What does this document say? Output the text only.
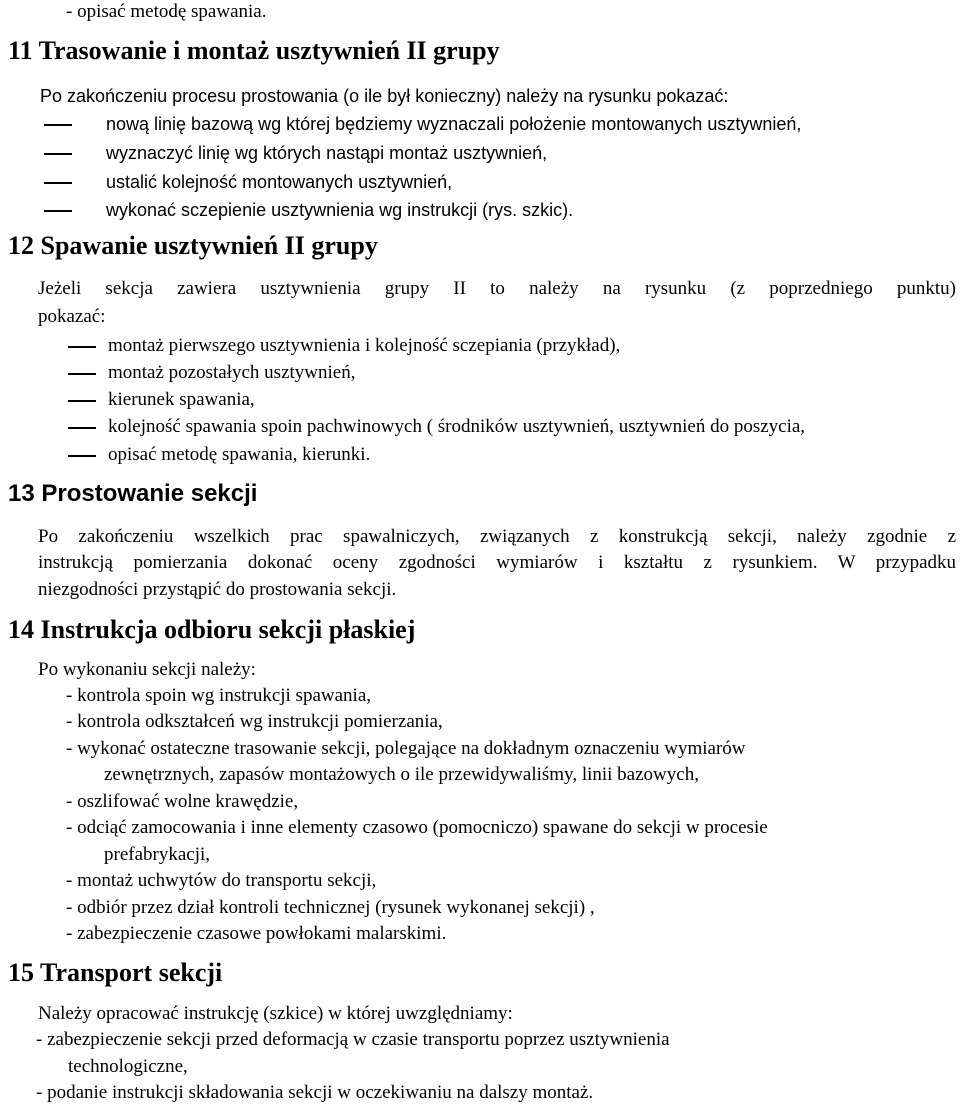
- opisać metodę spawania.
11 Trasowanie i montaż usztywnień II grupy
Po zakończeniu procesu prostowania (o ile był konieczny) należy na rysunku pokazać:
nową linię bazową wg której będziemy wyznaczali położenie montowanych usztywnień,
wyznaczyć linię wg których nastąpi montaż usztywnień,
ustalić kolejność montowanych usztywnień,
wykonać sczepienie usztywnienia wg instrukcji (rys. szkic).
12 Spawanie usztywnień II grupy
Jeżeli sekcja zawiera usztywnienia grupy II to należy na rysunku (z poprzedniego punktu)
pokazać:
montaż pierwszego usztywnienia i kolejność sczepiania (przykład),
montaż pozostałych usztywnień,
kierunek spawania,
kolejność spawania spoin pachwinowych ( środników usztywnień, usztywnień do poszycia,
opisać metodę spawania, kierunki.
13 Prostowanie sekcji
Po zakończeniu wszelkich prac spawalniczych, związanych z konstrukcją sekcji, należy zgodnie z
instrukcją pomierzania dokonać oceny zgodności wymiarów i kształtu z rysunkiem. W przypadku
niezgodności przystąpić do prostowania sekcji.
14 Instrukcja odbioru sekcji płaskiej
Po wykonaniu sekcji należy:
- kontrola spoin wg instrukcji spawania,
- kontrola odkształceń wg instrukcji pomierzania,
- wykonać ostateczne trasowanie sekcji, polegające na dokładnym oznaczeniu wymiarów
zewnętrznych, zapasów montażowych o ile przewidywaliśmy, linii bazowych,
- oszlifować wolne krawędzie,
- odciąć zamocowania i inne elementy czasowo (pomocniczo) spawane do sekcji w procesie
prefabrykacji,
- montaż uchwytów do transportu sekcji,
- odbiór przez dział kontroli technicznej (rysunek wykonanej sekcji) ,
- zabezpieczenie czasowe powłokami malarskimi.
15 Transport sekcji
Należy opracować instrukcję (szkice) w której uwzględniamy:
- zabezpieczenie sekcji przed deformacją w czasie transportu poprzez usztywnienia
technologiczne,
- podanie instrukcji składowania sekcji w oczekiwaniu na dalszy montaż.
